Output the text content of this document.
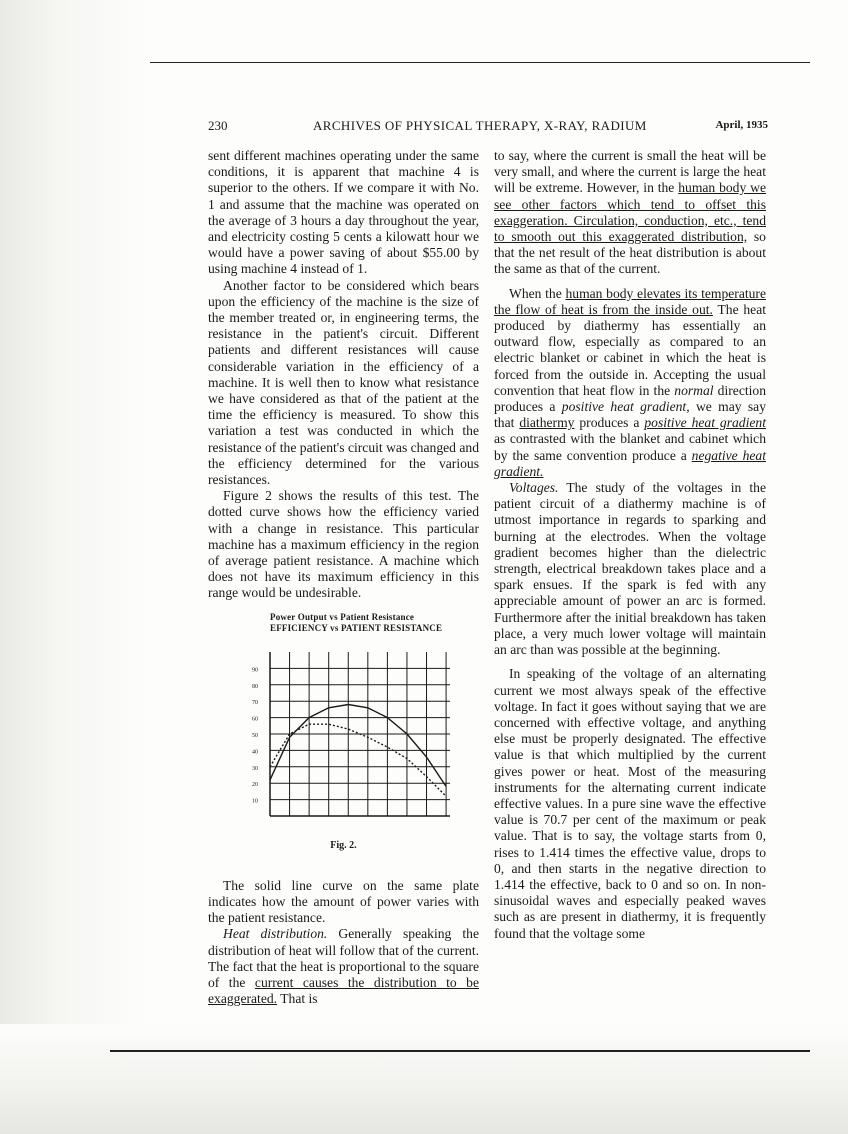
230	ARCHIVES OF PHYSICAL THERAPY, X-RAY, RADIUM	April, 1935

sent different machines operating under the same conditions, it is apparent that machine 4 is superior to the others. If we compare it with No. 1 and assume that the machine was operated on the average of 3 hours a day throughout the year, and electricity costing 5 cents a kilowatt hour we would have a power saving of about $55.00 by using machine 4 instead of 1.

Another factor to be considered which bears upon the efficiency of the machine is the size of the member treated or, in engineering terms, the resistance in the patient's circuit. Different patients and different resistances will cause considerable variation in the efficiency of a machine. It is well then to know what resistance we have considered as that of the patient at the time the efficiency is measured. To show this variation a test was conducted in which the resistance of the patient's circuit was changed and the efficiency determined for the various resistances.

Figure 2 shows the results of this test. The dotted curve shows how the efficiency varied with a change in resistance. This particular machine has a maximum efficiency in the region of average patient resistance. A machine which does not have its maximum efficiency in this range would be undesirable.

Power Output vs Patient Resistance
EFFICIENCY vs PATIENT RESISTANCE
90
80
70
60
50
40
30
20
10
Fig. 2.

The solid line curve on the same plate indicates how the amount of power varies with the patient resistance.

Heat distribution. Generally speaking the distribution of heat will follow that of the current. The fact that the heat is proportional to the square of the current causes the distribution to be exaggerated. That is

to say, where the current is small the heat will be very small, and where the current is large the heat will be extreme. However, in the human body we see other factors which tend to offset this exaggeration. Circulation, conduction, etc., tend to smooth out this exaggerated distribution, so that the net result of the heat distribution is about the same as that of the current.

When the human body elevates its temperature the flow of heat is from the inside out. The heat produced by diathermy has essentially an outward flow, especially as compared to an electric blanket or cabinet in which the heat is forced from the outside in. Accepting the usual convention that heat flow in the normal direction produces a positive heat gradient, we may say that diathermy produces a positive heat gradient as contrasted with the blanket and cabinet which by the same convention produce a negative heat gradient.

Voltages. The study of the voltages in the patient circuit of a diathermy machine is of utmost importance in regards to sparking and burning at the electrodes. When the voltage gradient becomes higher than the dielectric strength, electrical breakdown takes place and a spark ensues. If the spark is fed with any appreciable amount of power an arc is formed. Furthermore after the initial breakdown has taken place, a very much lower voltage will maintain an arc than was possible at the beginning.

In speaking of the voltage of an alternating current we most always speak of the effective voltage. In fact it goes without saying that we are concerned with effective voltage, and anything else must be properly designated. The effective value is that which multiplied by the current gives power or heat. Most of the measuring instruments for the alternating current indicate effective values. In a pure sine wave the effective value is 70.7 per cent of the maximum or peak value. That is to say, the voltage starts from 0, rises to 1.414 times the effective value, drops to 0, and then starts in the negative direction to 1.414 the effective, back to 0 and so on. In non-sinusoidal waves and especially peaked waves such as are present in diathermy, it is frequently found that the voltage some
